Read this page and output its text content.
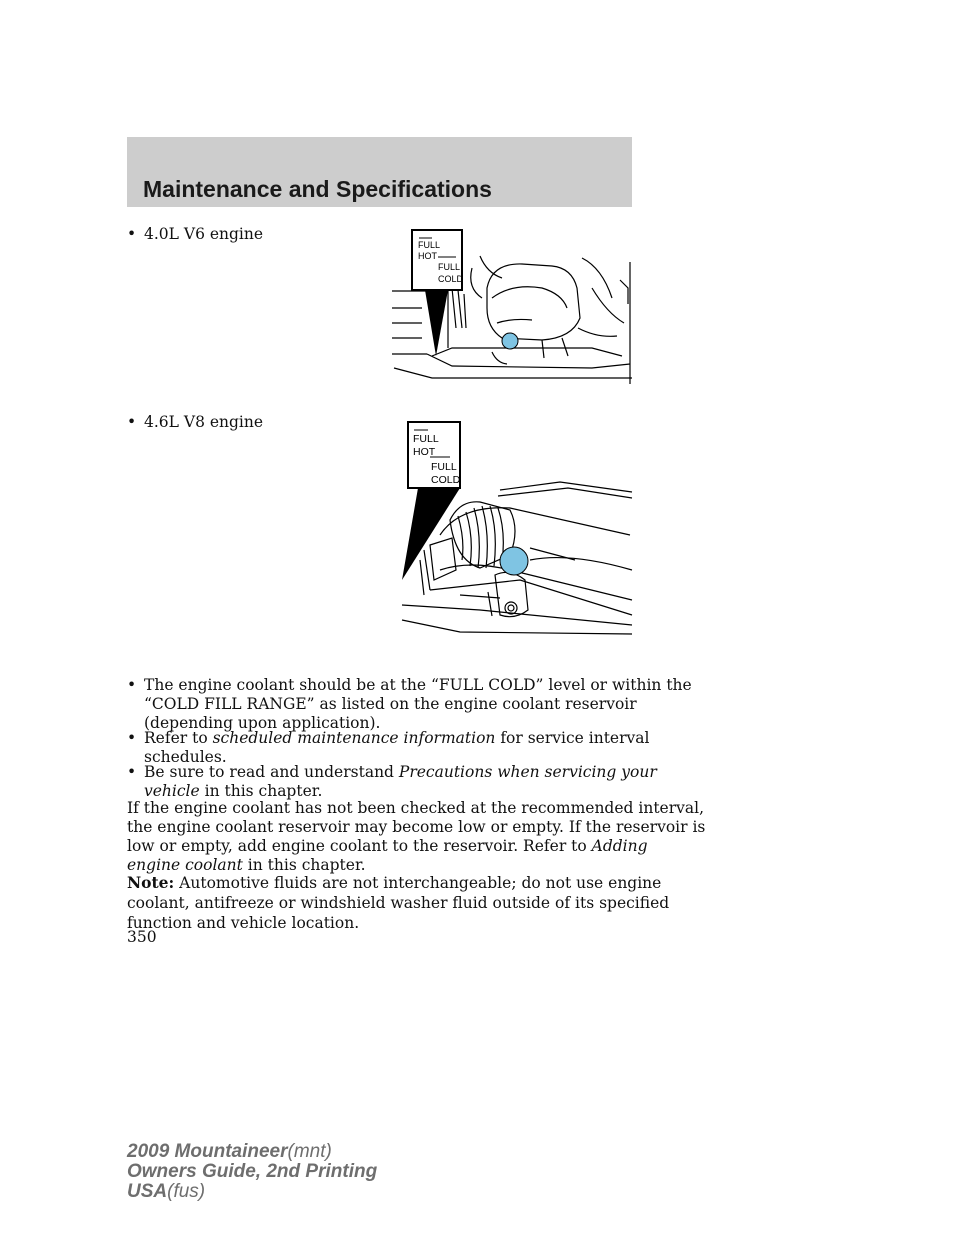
Maintenance and Specifications
• 4.0L V6 engine
FULL
HOT
FULL
COLD
• 4.6L V8 engine
FULL
HOT
FULL
COLD
• The engine coolant should be at the “FULL COLD” level or within the
“COLD FILL RANGE” as listed on the engine coolant reservoir
(depending upon application).
• Refer to scheduled maintenance information for service interval
schedules.
• Be sure to read and understand Precautions when servicing your
vehicle in this chapter.
If the engine coolant has not been checked at the recommended interval,
the engine coolant reservoir may become low or empty. If the reservoir is
low or empty, add engine coolant to the reservoir. Refer to Adding
engine coolant in this chapter.
Note: Automotive fluids are not interchangeable; do not use engine
coolant, antifreeze or windshield washer fluid outside of its specified
function and vehicle location.
350
2009 Mountaineer(mnt)
Owners Guide, 2nd Printing
USA(fus)
